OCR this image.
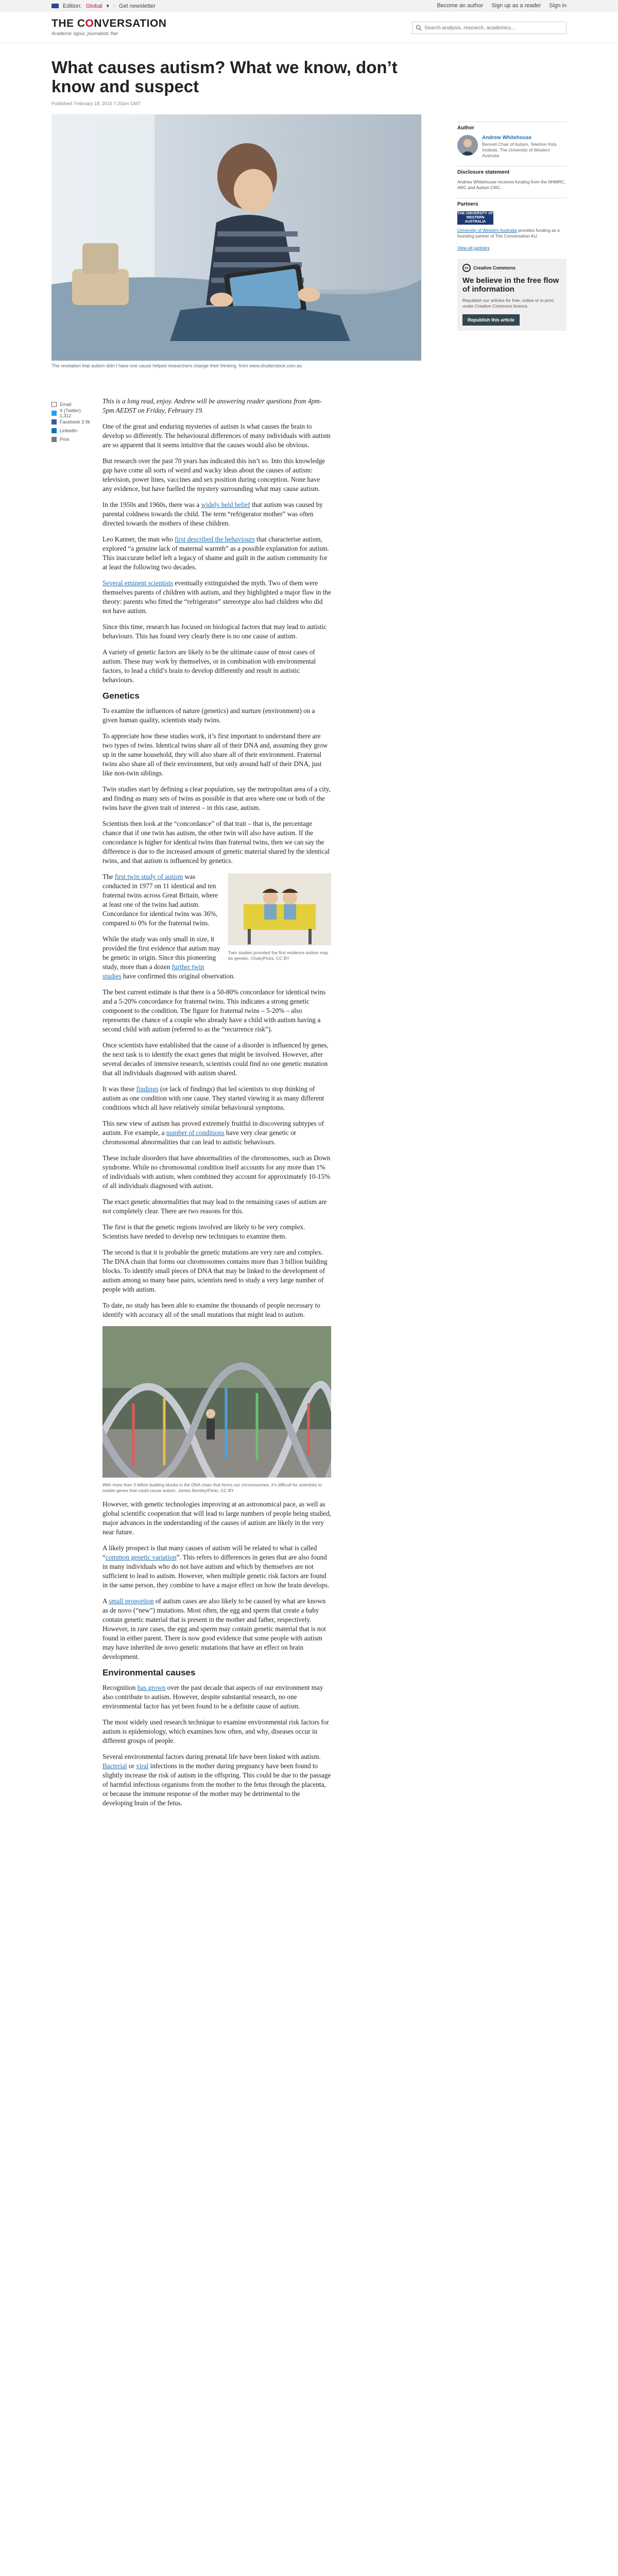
Edition: Global ▾ | Get newsletter	Become an author Sign up as a reader Sign in
THE CONVERSATION
Academic rigour, journalistic flair
Search analysis, research, academics…
What causes autism? What we know, don’t know and suspect
Published: February 18, 2016 7:20pm GMT
The revelation that autism didn’t have one cause helped researchers change their thinking. from www.shutterstock.com.au
Email
X (Twitter) 1,312
Facebook 3.9k
LinkedIn
Print

This is a long read, enjoy. Andrew will be answering reader questions from 4pm-5pm AEDST on Friday, February 19.

One of the great and enduring mysteries of autism is what causes the brain to develop so differently. The behavioural differences of many individuals with autism are so apparent that it seems intuitive that the causes would also be obvious.

But research over the past 70 years has indicated this isn’t so. Into this knowledge gap have come all sorts of weird and wacky ideas about the causes of autism: television, power lines, vaccines and sex position during conception. None have any evidence, but have fuelled the mystery surrounding what may cause autism.

In the 1950s and 1960s, there was a widely held belief that autism was caused by parental coldness towards the child. The term “refrigerator mother” was often directed towards the mothers of these children.

Leo Kanner, the man who first described the behaviours that characterise autism, explored “a genuine lack of maternal warmth” as a possible explanation for autism. This inaccurate belief left a legacy of shame and guilt in the autism community for at least the following two decades.

Several eminent scientists eventually extinguished the myth. Two of them were themselves parents of children with autism, and they highlighted a major flaw in the theory: parents who fitted the “refrigerator” stereotype also had children who did not have autism.

Since this time, research has focused on biological factors that may lead to autistic behaviours. This has found very clearly there is no one cause of autism.

A variety of genetic factors are likely to be the ultimate cause of most cases of autism. These may work by themselves, or in combination with environmental factors, to lead a child’s brain to develop differently and result in autistic behaviours.

Genetics

To examine the influences of nature (genetics) and nurture (environment) on a given human quality, scientists study twins.

To appreciate how these studies work, it’s first important to understand there are two types of twins. Identical twins share all of their DNA and, assuming they grow up in the same household, they will also share all of their environment. Fraternal twins also share all of their environment, but only around half of their DNA, just like non-twin siblings.

Twin studies start by defining a clear population, say the metropolitan area of a city, and finding as many sets of twins as possible in that area where one or both of the twins have the given trait of interest – in this case, autism.

Scientists then look at the “concordance” of that trait – that is, the percentage chance that if one twin has autism, the other twin will also have autism. If the concordance is higher for identical twins than fraternal twins, then we can say the difference is due to the increased amount of genetic material shared by the identical twins, and that autism is influenced by genetics.

Twin studies provided the first evidence autism may be genetic. ChakyPicks, CC BY

The first twin study of autism was conducted in 1977 on 11 identical and ten fraternal twins across Great Britain, where at least one of the twins had autism. Concordance for identical twins was 36%, compared to 0% for the fraternal twins.

While the study was only small in size, it provided the first evidence that autism may be genetic in origin. Since this pioneering study, more than a dozen further twin studies have confirmed this original observation.

The best current estimate is that there is a 50-80% concordance for identical twins and a 5-20% concordance for fraternal twins. This indicates a strong genetic component to the condition. The figure for fraternal twins – 5-20% – also represents the chance of a couple who already have a child with autism having a second child with autism (referred to as the “recurrence risk”).

Once scientists have established that the cause of a disorder is influenced by genes, the next task is to identify the exact genes that might be involved. However, after several decades of intensive research, scientists could find no one genetic mutation that all individuals diagnosed with autism shared.

It was these findings (or lack of findings) that led scientists to stop thinking of autism as one condition with one cause. They started viewing it as many different conditions which all have relatively similar behavioural symptoms.

This new view of autism has proved extremely fruitful in discovering subtypes of autism. For example, a number of conditions have very clear genetic or chromosomal abnormalities that can lead to autistic behaviours.

These include disorders that have abnormalities of the chromosomes, such as Down syndrome. While no chromosomal condition itself accounts for any more than 1% of individuals with autism, when combined they account for approximately 10-15% of all individuals diagnosed with autism.

The exact genetic abnormalities that may lead to the remaining cases of autism are not completely clear. There are two reasons for this.

The first is that the genetic regions involved are likely to be very complex. Scientists have needed to develop new techniques to examine them.

The second is that it is probable the genetic mutations are very rare and complex. The DNA chain that forms our chromosomes contains more than 3 billion building blocks. To identify small pieces of DNA that may be linked to the development of autism among so many base pairs, scientists need to study a very large number of people with autism.

To date, no study has been able to examine the thousands of people necessary to identify with accuracy all of the small mutations that might lead to autism.

With more than 3 billion building blocks in the DNA chain that forms our chromosomes, it’s difficult for scientists to isolate genes that could cause autism. James Bentley/Flickr, CC BY

However, with genetic technologies improving at an astronomical pace, as well as global scientific cooperation that will lead to large numbers of people being studied, major advances in the understanding of the causes of autism are likely in the very near future.

A likely prospect is that many causes of autism will be related to what is called “common genetic variation”. This refers to differences in genes that are also found in many individuals who do not have autism and which by themselves are not sufficient to lead to autism. However, when multiple genetic risk factors are found in the same person, they combine to have a major effect on how the brain develops.

A small proportion of autism cases are also likely to be caused by what are known as de novo (“new”) mutations. Most often, the egg and sperm that create a baby contain genetic material that is present in the mother and father, respectively. However, in rare cases, the egg and sperm may contain genetic material that is not found in either parent. There is now good evidence that some people with autism may have inherited de novo genetic mutations that have an effect on brain development.

Environmental causes

Recognition has grown over the past decade that aspects of our environment may also contribute to autism. However, despite substantial research, no one environmental factor has yet been found to be a definite cause of autism.

The most widely used research technique to examine environmental risk factors for autism is epidemiology, which examines how often, and why, diseases occur in different groups of people.

Several environmental factors during prenatal life have been linked with autism. Bacterial or viral infections in the mother during pregnancy have been found to slightly increase the risk of autism in the offspring. This could be due to the passage of harmful infectious organisms from the mother to the fetus through the placenta, or because the immune response of the mother may be detrimental to the developing brain of the fetus.

Author
Andrew Whitehouse
Bennett Chair of Autism, Telethon Kids Institute, The University of Western Australia
Disclosure statement
Andrew Whitehouse receives funding from the NHMRC, ARC and Autism CRC.
Partners
THE UNIVERSITY OF WESTERN AUSTRALIA
University of Western Australia provides funding as a founding partner of The Conversation AU.
View all partners
cc	Creative Commons
We believe in the free flow of information
Republish our articles for free, online or in print, under Creative Commons licence.
Republish this article
